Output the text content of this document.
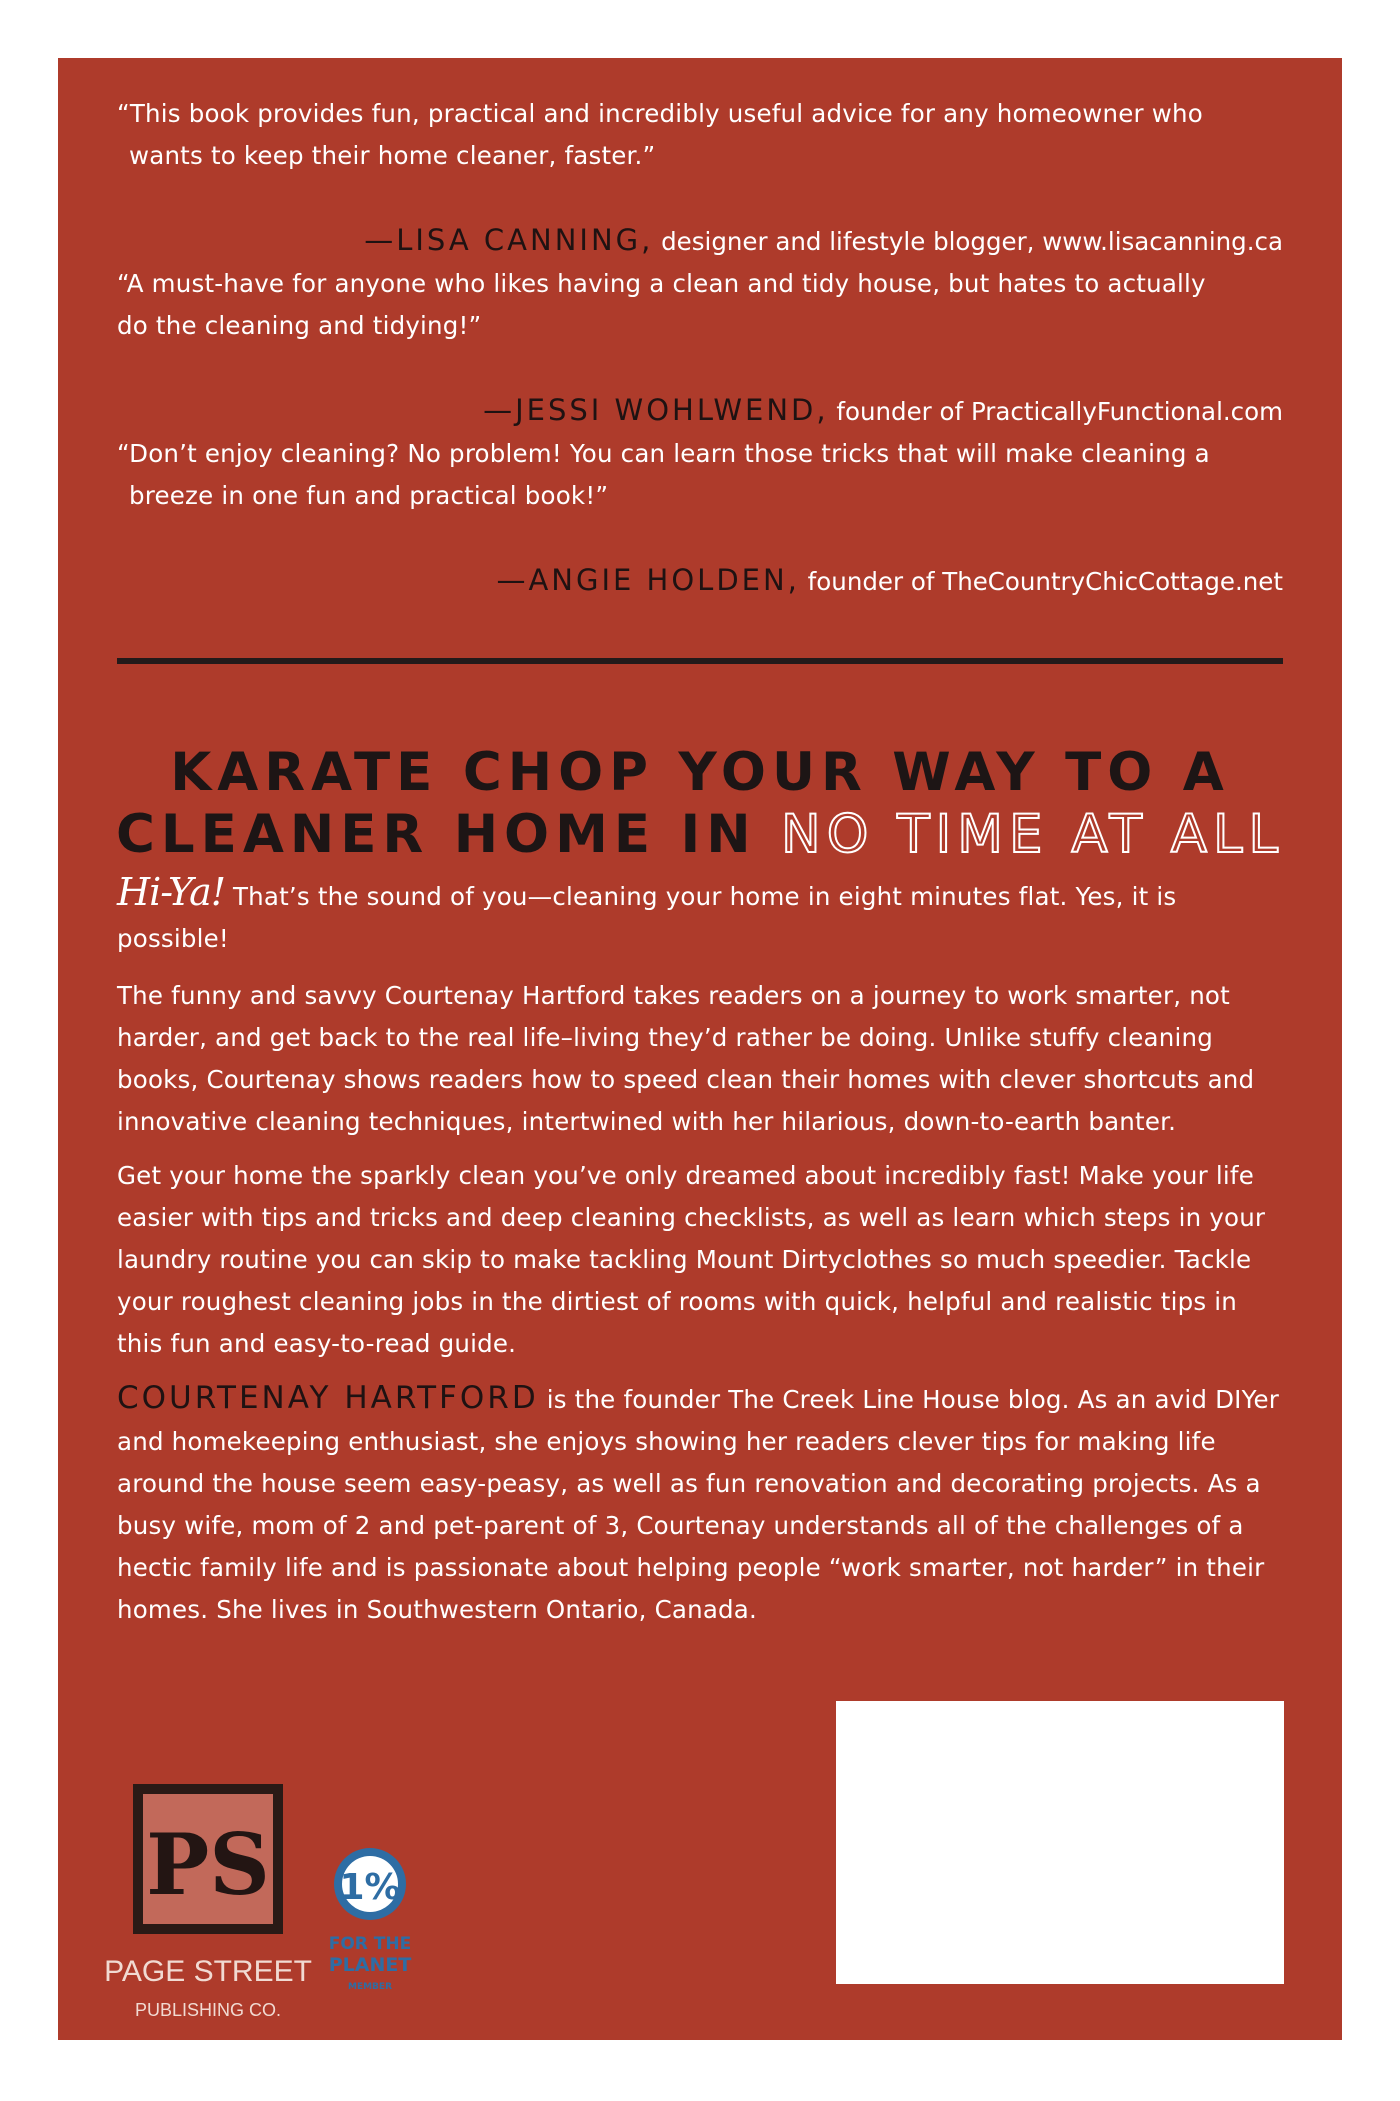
“This book provides fun, practical and incredibly useful advice for any homeowner who

wants to keep their home cleaner, faster.”

—LISA CANNING, designer and lifestyle blogger, www.lisacanning.ca

“A must-have for anyone who likes having a clean and tidy house, but hates to actually

do the cleaning and tidying!”

—JESSI WOHLWEND, founder of PracticallyFunctional.com

“Don’t enjoy cleaning? No problem! You can learn those tricks that will make cleaning a

breeze in one fun and practical book!”

—ANGIE HOLDEN, founder of TheCountryChicCottage.net
KARATE CHOP YOUR WAY TO A
CLEANER HOME IN NO TIME AT ALL

Hi-Ya! That’s the sound of you—cleaning your home in eight minutes flat. Yes, it is possible!

The funny and savvy Courtenay Hartford takes readers on a journey to work smarter, not harder, and get back to the real life–living they’d rather be doing. Unlike stuffy cleaning books, Courtenay shows readers how to speed clean their homes with clever shortcuts and innovative cleaning techniques, intertwined with her hilarious, down-to-earth banter.

Get your home the sparkly clean you’ve only dreamed about incredibly fast! Make your life easier with tips and tricks and deep cleaning checklists, as well as learn which steps in your laundry routine you can skip to make tackling Mount Dirtyclothes so much speedier. Tackle your roughest cleaning jobs in the dirtiest of rooms with quick, helpful and realistic tips in this fun and easy-to-read guide.

COURTENAY HARTFORD is the founder The Creek Line House blog. As an avid DIYer and homekeeping enthusiast, she enjoys showing her readers clever tips for making life around the house seem easy-peasy, as well as fun renovation and decorating projects. As a busy wife, mom of 2 and pet-parent of 3, Courtenay understands all of the challenges of a hectic family life and is passionate about helping people “work smarter, not harder” in their homes. She lives in Southwestern Ontario, Canada.

PS
PAGE STREET
PUBLISHING CO.
1%
FOR THE
PLANET
MEMBER
